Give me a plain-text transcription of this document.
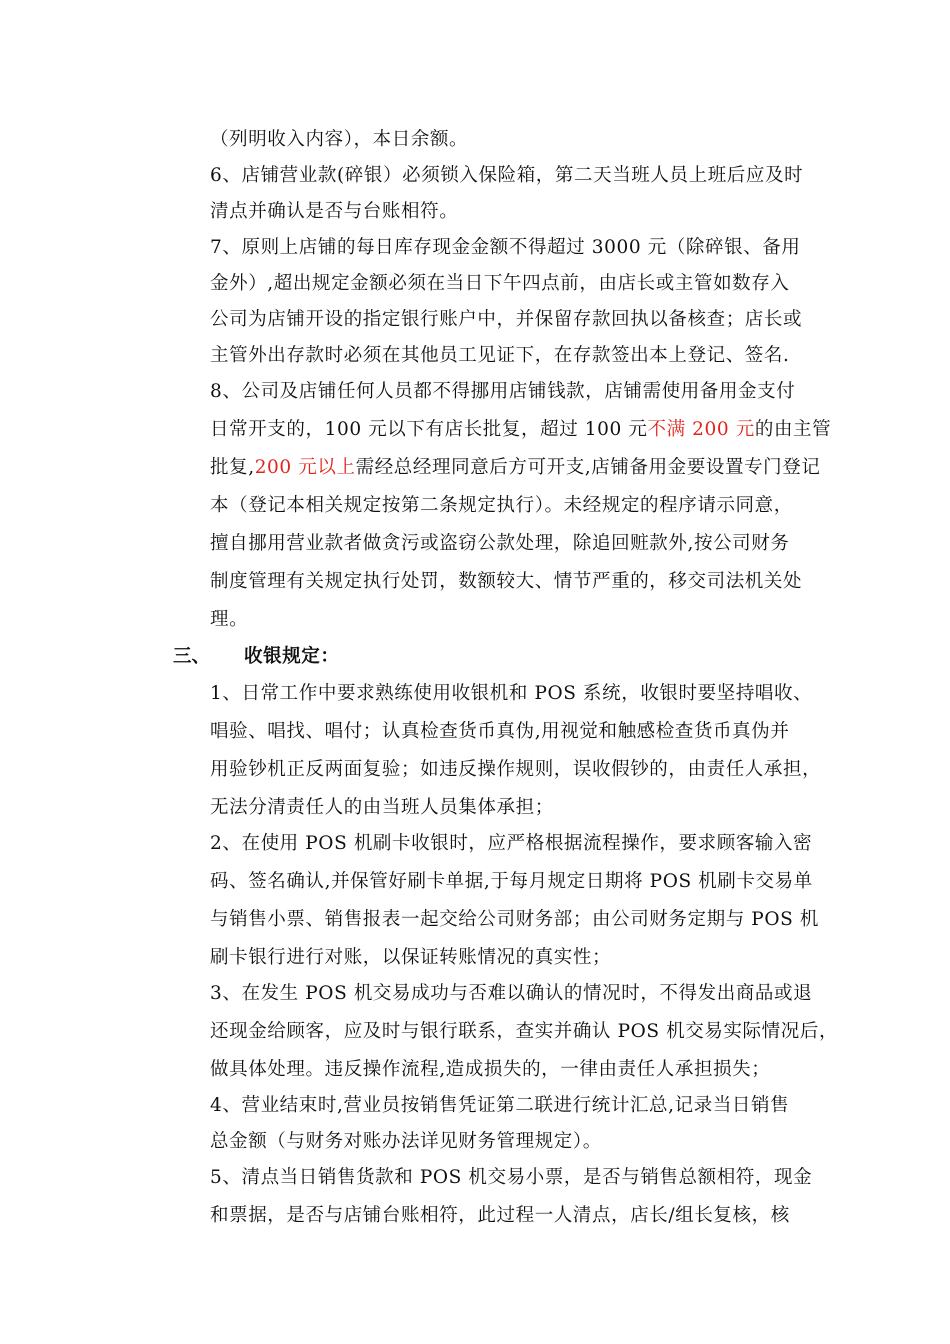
（列明收入内容），本日余额。
6、店铺营业款(碎银）必须锁入保险箱，第二天当班人员上班后应及时
清点并确认是否与台账相符。
7、原则上店铺的每日库存现金金额不得超过 3000 元（除碎银、备用
金外）,超出规定金额必须在当日下午四点前，由店长或主管如数存入
公司为店铺开设的指定银行账户中，并保留存款回执以备核查；店长或
主管外出存款时必须在其他员工见证下，在存款签出本上登记、签名.
8、公司及店铺任何人员都不得挪用店铺钱款，店铺需使用备用金支付
日常开支的，100 元以下有店长批复，超过 100 元不满 200 元的由主管
批复,200 元以上需经总经理同意后方可开支,店铺备用金要设置专门登记
本（登记本相关规定按第二条规定执行）。未经规定的程序请示同意，
擅自挪用营业款者做贪污或盗窃公款处理，除追回赃款外,按公司财务
制度管理有关规定执行处罚，数额较大、情节严重的，移交司法机关处
理。
三、 收银规定：
1、日常工作中要求熟练使用收银机和 POS 系统，收银时要坚持唱收、
唱验、唱找、唱付；认真检查货币真伪,用视觉和触感检查货币真伪并
用验钞机正反两面复验；如违反操作规则，误收假钞的，由责任人承担，
无法分清责任人的由当班人员集体承担；
2、在使用 POS 机刷卡收银时，应严格根据流程操作，要求顾客输入密
码、签名确认,并保管好刷卡单据,于每月规定日期将 POS 机刷卡交易单
与销售小票、销售报表一起交给公司财务部；由公司财务定期与 POS 机
刷卡银行进行对账，以保证转账情况的真实性；
3、在发生 POS 机交易成功与否难以确认的情况时，不得发出商品或退
还现金给顾客，应及时与银行联系，查实并确认 POS 机交易实际情况后，
做具体处理。违反操作流程,造成损失的，一律由责任人承担损失；
4、营业结束时,营业员按销售凭证第二联进行统计汇总,记录当日销售
总金额（与财务对账办法详见财务管理规定）。
5、清点当日销售货款和 POS 机交易小票，是否与销售总额相符，现金
和票据，是否与店铺台账相符，此过程一人清点，店长/组长复核，核
